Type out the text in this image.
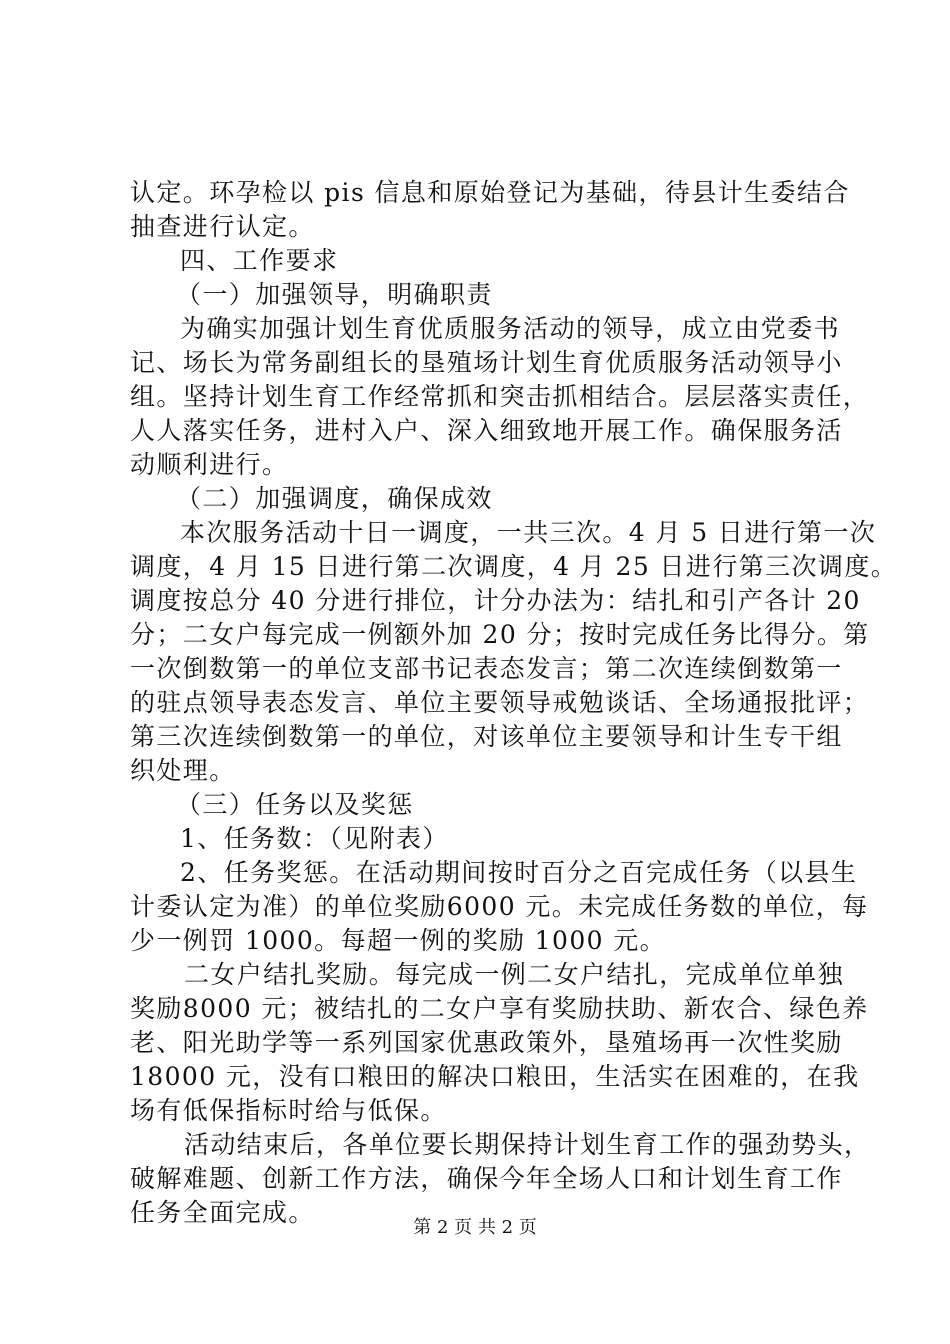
认定。环孕检以 pis 信息和原始登记为基础，待县计生委结合
抽查进行认定。
四、工作要求
（一）加强领导，明确职责
为确实加强计划生育优质服务活动的领导，成立由党委书
记、场长为常务副组长的垦殖场计划生育优质服务活动领导小
组。坚持计划生育工作经常抓和突击抓相结合。层层落实责任，
人人落实任务，进村入户、深入细致地开展工作。确保服务活
动顺利进行。
（二）加强调度，确保成效
本次服务活动十日一调度，一共三次。4 月 5 日进行第一次
调度，4 月 15 日进行第二次调度，4 月 25 日进行第三次调度。
调度按总分 40 分进行排位，计分办法为：结扎和引产各计 20
分；二女户每完成一例额外加 20 分；按时完成任务比得分。第
一次倒数第一的单位支部书记表态发言；第二次连续倒数第一
的驻点领导表态发言、单位主要领导戒勉谈话、全场通报批评；
第三次连续倒数第一的单位，对该单位主要领导和计生专干组
织处理。
（三）任务以及奖惩
1、任务数：（见附表）
2、任务奖惩。在活动期间按时百分之百完成任务（以县生
计委认定为准）的单位奖励6000 元。未完成任务数的单位，每
少一例罚 1000。每超一例的奖励 1000 元。
二女户结扎奖励。每完成一例二女户结扎，完成单位单独
奖励8000 元；被结扎的二女户享有奖励扶助、新农合、绿色养
老、阳光助学等一系列国家优惠政策外，垦殖场再一次性奖励
18000 元，没有口粮田的解决口粮田，生活实在困难的，在我
场有低保指标时给与低保。
活动结束后，各单位要长期保持计划生育工作的强劲势头，
破解难题、创新工作方法，确保今年全场人口和计划生育工作
任务全面完成。
第 2 页 共 2 页
